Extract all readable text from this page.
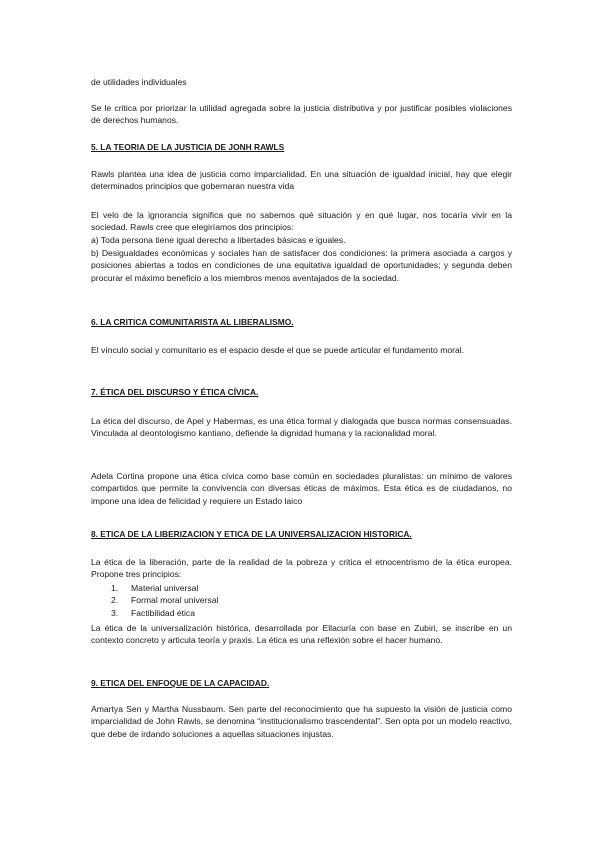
de utilidades individuales

Se le critica por priorizar la utilidad agregada sobre la justicia distributiva y por justificar posibles violaciones de derechos humanos.

5. LA TEORIA DE LA JUSTICIA DE JONH RAWLS

Rawls plantea una idea de justicia como imparcialidad. En una situación de igualdad inicial, hay que elegir determinados principios que gobernaran nuestra vida

El velo de la ignorancia significa que no sabemos qué situación y en qué lugar, nos tocaría vivir en la sociedad. Rawls cree que elegiríamos dos principios:

a) Toda persona tiene igual derecho a libertades básicas e iguales.

b) Desigualdades económicas y sociales han de satisfacer dos condiciones: la primera asociada a cargos y posiciones abiertas a todos en condiciones de una equitativa igualdad de oportunidades; y segunda deben procurar el máximo beneficio a los miembros menos aventajados de la sociedad.

6. LA CRITICA COMUNITARISTA AL LIBERALISMO.

El vínculo social y comunitario es el espacio desde el que se puede articular el fundamento moral.

7. ÉTICA DEL DISCURSO Y ÉTICA CÍVICA.

La ética del discurso, de Apel y Habermas, es una ética formal y dialogada que busca normas consensuadas. Vinculada al deontologismo kantiano, defiende la dignidad humana y la racionalidad moral.

Adela Cortina propone una ética cívica como base común en sociedades pluralistas: un mínimo de valores compartidos que permite la convivencia con diversas éticas de máximos. Esta ética es de ciudadanos, no impone una idea de felicidad y requiere un Estado laico

8. ETICA DE LA LIBERIZACION Y ETICA DE LA UNIVERSALIZACION HISTORICA.

La ética de la liberación, parte de la realidad de la pobreza y critica el etnocentrismo de la ética europea. Propone tres principios:

1. Material universal
2. Formal moral universal
3. Factibilidad ética

La ética de la universalización histórica, desarrollada por Ellacuría con base en Zubiri, se inscribe en un contexto concreto y articula teoría y praxis. La ética es una reflexión sobre el hacer humano.

9. ETICA DEL ENFOQUE DE LA CAPACIDAD.

Amartya Sen y Martha Nussbaum. Sen parte del reconocimiento que ha supuesto la visión de justicia como imparcialidad de John Rawls, se denomina “institucionalismo trascendental”. Sen opta por un modelo reactivo, que debe de irdando soluciones a aquellas situaciones injustas.
